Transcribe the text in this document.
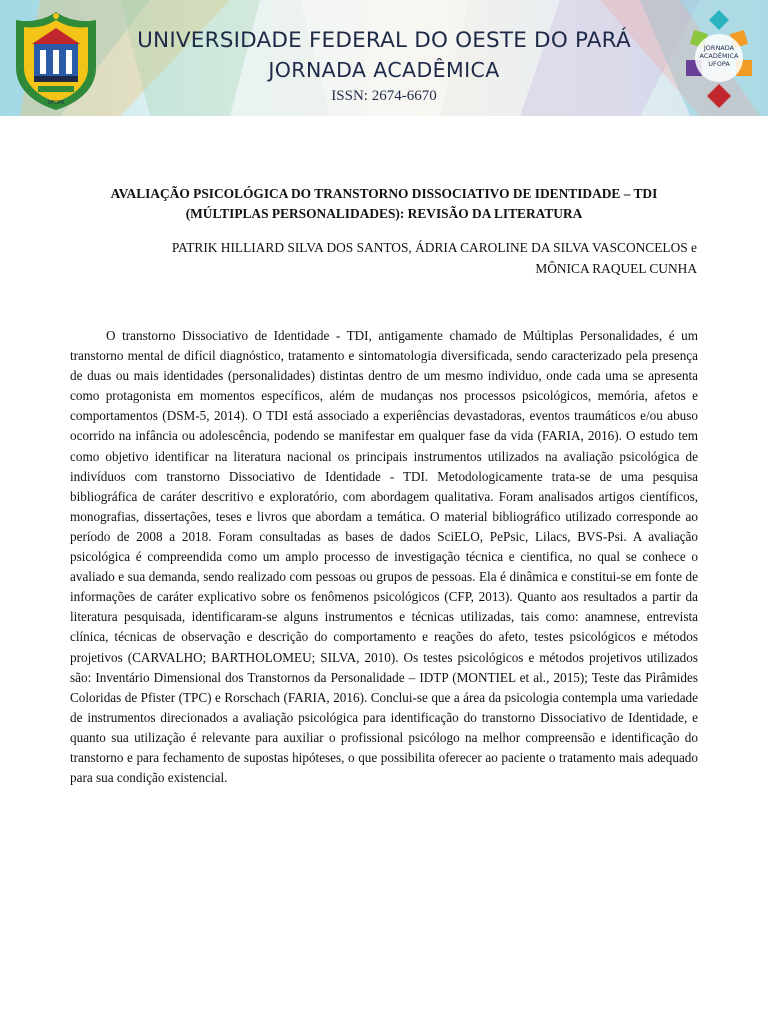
UFOPA
UNIVERSIDADE FEDERAL DO OESTE DO PARÁ
JORNADA ACADÊMICA
ISSN: 2674-6670
JORNADA
ACADÊMICA
UFOPA
AVALIAÇÃO PSICOLÓGICA DO TRANSTORNO DISSOCIATIVO DE IDENTIDADE – TDI
(MÚLTIPLAS PERSONALIDADES): REVISÃO DA LITERATURA
PATRIK HILLIARD SILVA DOS SANTOS, ÁDRIA CAROLINE DA SILVA VASCONCELOS e
MÔNICA RAQUEL CUNHA

O transtorno Dissociativo de Identidade - TDI, antigamente chamado de Múltiplas Personalidades, é um transtorno mental de difícil diagnóstico, tratamento e sintomatologia diversificada, sendo caracterizado pela presença de duas ou mais identidades (personalidades) distintas dentro de um mesmo individuo, onde cada uma se apresenta como protagonista em momentos específicos, além de mudanças nos processos psicológicos, memória, afetos e comportamentos (DSM-5, 2014). O TDI está associado a experiências devastadoras, eventos traumáticos e/ou abuso ocorrido na infância ou adolescência, podendo se manifestar em qualquer fase da vida (FARIA, 2016). O estudo tem como objetivo identificar na literatura nacional os principais instrumentos utilizados na avaliação psicológica de indivíduos com transtorno Dissociativo de Identidade - TDI. Metodologicamente trata-se de uma pesquisa bibliográfica de caráter descritivo e exploratório, com abordagem qualitativa. Foram analisados artigos científicos, monografias, dissertações, teses e livros que abordam a temática. O material bibliográfico utilizado corresponde ao período de 2008 a 2018. Foram consultadas as bases de dados SciELO, PePsic, Lilacs, BVS-Psi. A avaliação psicológica é compreendida como um amplo processo de investigação técnica e cientifica, no qual se conhece o avaliado e sua demanda, sendo realizado com pessoas ou grupos de pessoas. Ela é dinâmica e constitui-se em fonte de informações de caráter explicativo sobre os fenômenos psicológicos (CFP, 2013). Quanto aos resultados a partir da literatura pesquisada, identificaram-se alguns instrumentos e técnicas utilizadas, tais como: anamnese, entrevista clínica, técnicas de observação e descrição do comportamento e reações do afeto, testes psicológicos e métodos projetivos (CARVALHO; BARTHOLOMEU; SILVA, 2010). Os testes psicológicos e métodos projetivos utilizados são: Inventário Dimensional dos Transtornos da Personalidade – IDTP (MONTIEL et al., 2015); Teste das Pirâmides Coloridas de Pfister (TPC) e Rorschach (FARIA, 2016). Conclui-se que a área da psicologia contempla uma variedade de instrumentos direcionados a avaliação psicológica para identificação do transtorno Dissociativo de Identidade, e quanto sua utilização é relevante para auxiliar o profissional psicólogo na melhor compreensão e identificação do transtorno e para fechamento de supostas hipóteses, o que possibilita oferecer ao paciente o tratamento mais adequado para sua condição existencial.
